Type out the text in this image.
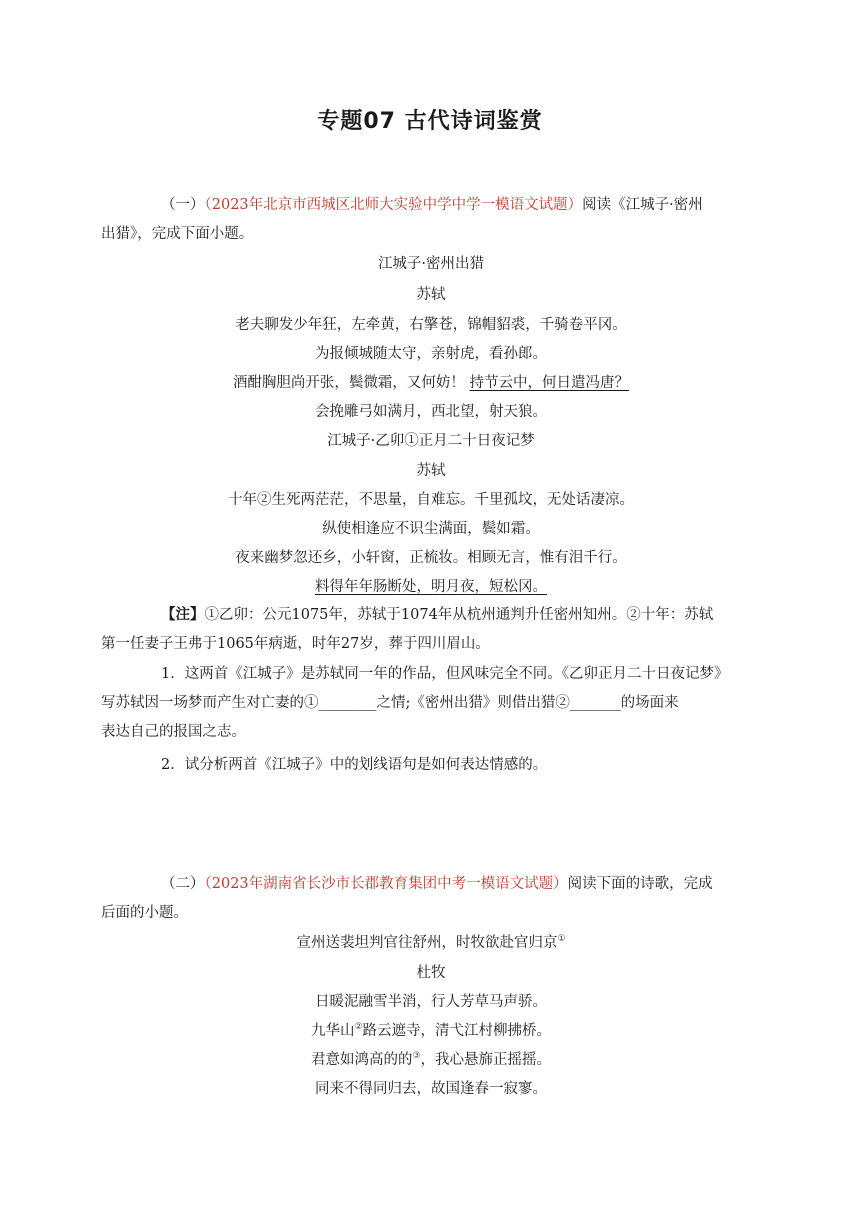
专题07 古代诗词鉴赏
（一）（2023年北京市西城区北师大实验中学中学一模语文试题）阅读《江城子·密州
出猎》，完成下面小题。
江城子·密州出猎
苏轼
老夫聊发少年狂，左牵黄，右擎苍，锦帽貂裘，千骑卷平冈。
为报倾城随太守，亲射虎，看孙郎。
酒酣胸胆尚开张，鬓微霜，又何妨！ 持节云中，何日遣冯唐？
会挽雕弓如满月，西北望，射天狼。
江城子·乙卯①正月二十日夜记梦
苏轼
十年②生死两茫茫，不思量，自难忘。千里孤坟，无处话凄凉。
纵使相逢应不识尘满面，鬓如霜。
夜来幽梦忽还乡，小轩窗，正梳妆。相顾无言，惟有泪千行。
料得年年肠断处，明月夜，短松冈。
【注】①乙卯：公元1075年，苏轼于1074年从杭州通判升任密州知州。②十年：苏轼
第一任妻子王弗于1065年病逝，时年27岁，葬于四川眉山。
1．这两首《江城子》是苏轼同一年的作品，但风味完全不同。《乙卯正月二十日夜记梦》
写苏轼因一场梦而产生对亡妻的①________之情;《密州出猎》则借出猎②_______的场面来
表达自己的报国之志。
2．试分析两首《江城子》中的划线语句是如何表达情感的。
（二）（2023年湖南省长沙市长郡教育集团中考一模语文试题）阅读下面的诗歌，完成
后面的小题。
宣州送裴坦判官往舒州，时牧欲赴官归京①
杜牧
日暖泥融雪半消，行人芳草马声骄。
九华山②路云遮寺，清弋江村柳拂桥。
君意如鸿高的的③，我心悬旆正摇摇。
同来不得同归去，故国逢春一寂寥。
